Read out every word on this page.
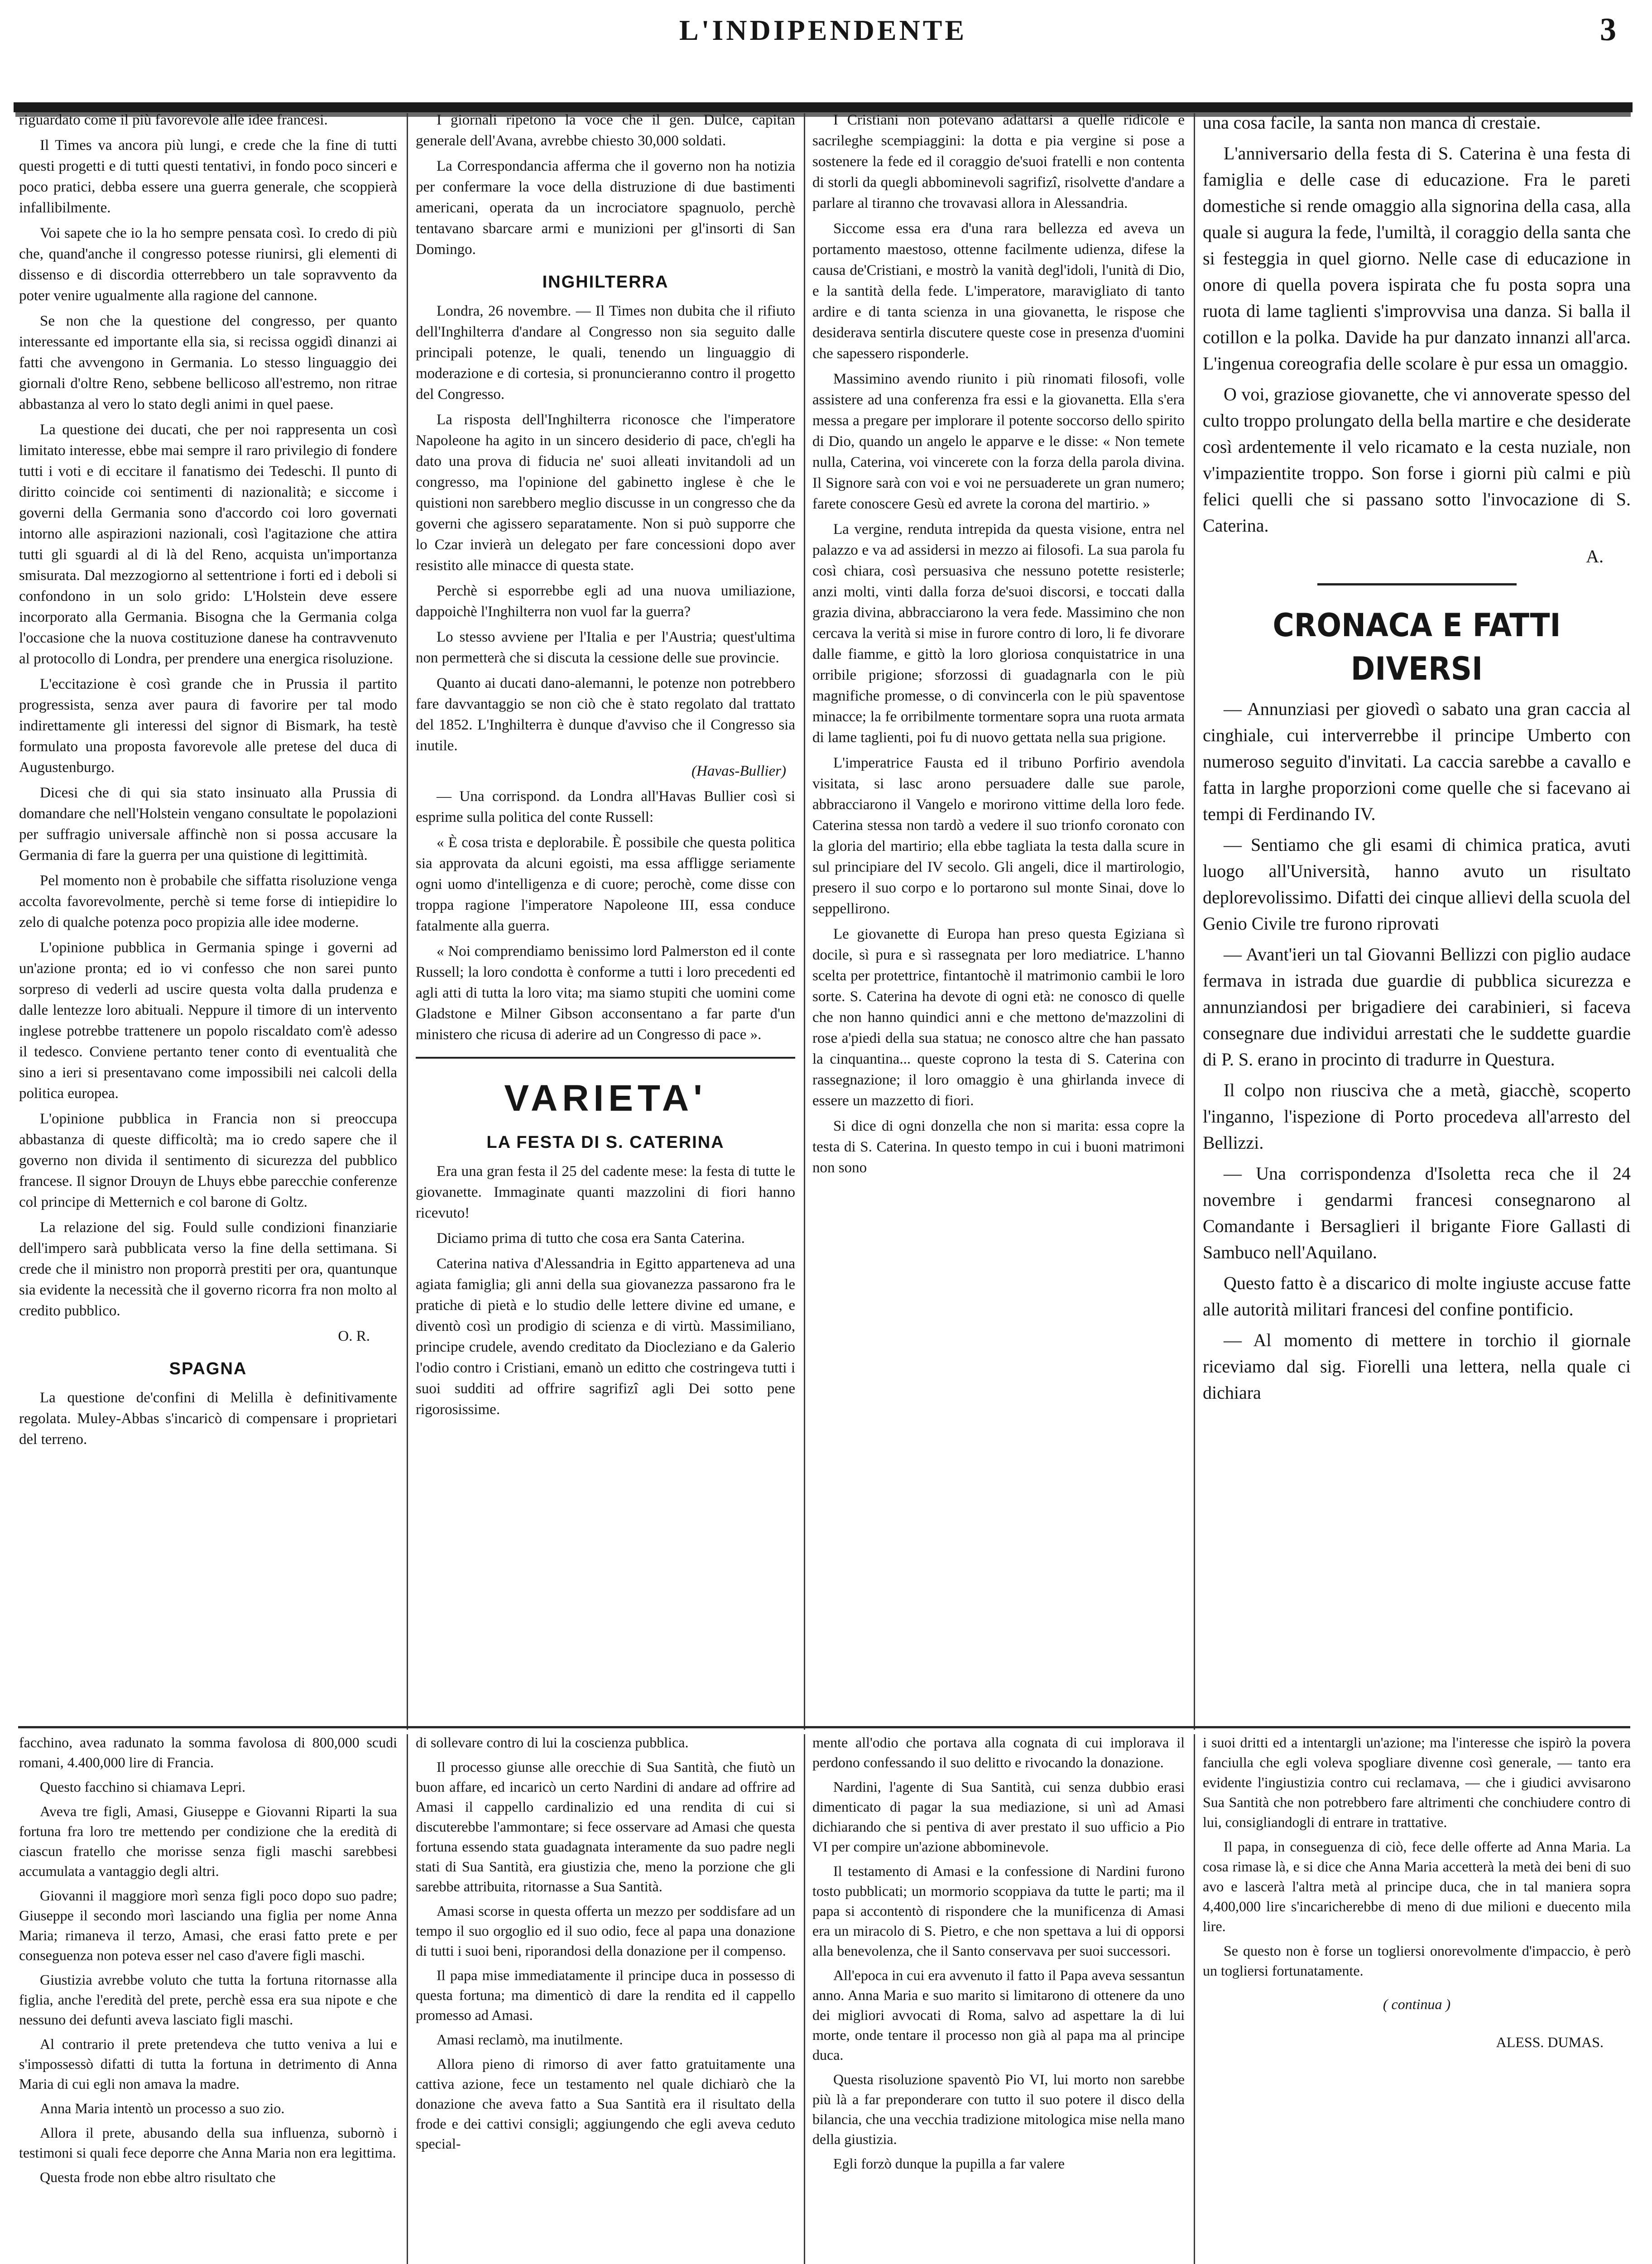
L'INDIPENDENTE	3

riguardato come il più favorevole alle idee francesi.

Il Times va ancora più lungi, e crede che la fine di tutti questi progetti e di tutti questi tentativi, in fondo poco sinceri e poco pratici, debba essere una guerra generale, che scoppierà infallibilmente.

Voi sapete che io la ho sempre pensata così. Io credo di più che, quand'anche il congresso potesse riunirsi, gli elementi di dissenso e di discordia otterrebbero un tale sopravvento da poter venire ugualmente alla ragione del cannone.

Se non che la questione del congresso, per quanto interessante ed importante ella sia, si recissa oggidì dinanzi ai fatti che avvengono in Germania. Lo stesso linguaggio dei giornali d'oltre Reno, sebbene bellicoso all'estremo, non ritrae abbastanza al vero lo stato degli animi in quel paese.

La questione dei ducati, che per noi rappresenta un così limitato interesse, ebbe mai sempre il raro privilegio di fondere tutti i voti e di eccitare il fanatismo dei Tedeschi. Il punto di diritto coincide coi sentimenti di nazionalità; e siccome i governi della Germania sono d'accordo coi loro governati intorno alle aspirazioni nazionali, così l'agitazione che attira tutti gli sguardi al di là del Reno, acquista un'importanza smisurata. Dal mezzogiorno al settentrione i forti ed i deboli si confondono in un solo grido: L'Holstein deve essere incorporato alla Germania. Bisogna che la Germania colga l'occasione che la nuova costituzione danese ha contravvenuto al protocollo di Londra, per prendere una energica risoluzione.

L'eccitazione è così grande che in Prussia il partito progressista, senza aver paura di favorire per tal modo indirettamente gli interessi del signor di Bismark, ha testè formulato una proposta favorevole alle pretese del duca di Augustenburgo.

Dicesi che di qui sia stato insinuato alla Prussia di domandare che nell'Holstein vengano consultate le popolazioni per suffragio universale affinchè non si possa accusare la Germania di fare la guerra per una quistione di legittimità.

Pel momento non è probabile che siffatta risoluzione venga accolta favorevolmente, perchè si teme forse di intiepidire lo zelo di qualche potenza poco propizia alle idee moderne.

L'opinione pubblica in Germania spinge i governi ad un'azione pronta; ed io vi confesso che non sarei punto sorpreso di vederli ad uscire questa volta dalla prudenza e dalle lentezze loro abituali. Neppure il timore di un intervento inglese potrebbe trattenere un popolo riscaldato com'è adesso il tedesco. Conviene pertanto tener conto di eventualità che sino a ieri si presentavano come impossibili nei calcoli della politica europea.

L'opinione pubblica in Francia non si preoccupa abbastanza di queste difficoltà; ma io credo sapere che il governo non divida il sentimento di sicurezza del pubblico francese. Il signor Drouyn de Lhuys ebbe parecchie conferenze col principe di Metternich e col barone di Goltz.

La relazione del sig. Fould sulle condizioni finanziarie dell'impero sarà pubblicata verso la fine della settimana. Si crede che il ministro non proporrà prestiti per ora, quantunque sia evidente la necessità che il governo ricorra fra non molto al credito pubblico.

O. R.

SPAGNA

La questione de'confini di Melilla è definitivamente regolata. Muley-Abbas s'incaricò di compensare i proprietari del terreno.

I giornali ripetono la voce che il gen. Dulce, capitan generale dell'Avana, avrebbe chiesto 30,000 soldati.

La Correspondancia afferma che il governo non ha notizia per confermare la voce della distruzione di due bastimenti americani, operata da un incrociatore spagnuolo, perchè tentavano sbarcare armi e munizioni per gl'insorti di San Domingo.

INGHILTERRA

Londra, 26 novembre. — Il Times non dubita che il rifiuto dell'Inghilterra d'andare al Congresso non sia seguito dalle principali potenze, le quali, tenendo un linguaggio di moderazione e di cortesia, si pronuncieranno contro il progetto del Congresso.

La risposta dell'Inghilterra riconosce che l'imperatore Napoleone ha agito in un sincero desiderio di pace, ch'egli ha dato una prova di fiducia ne' suoi alleati invitandoli ad un congresso, ma l'opinione del gabinetto inglese è che le quistioni non sarebbero meglio discusse in un congresso che da governi che agissero separatamente. Non si può supporre che lo Czar invierà un delegato per fare concessioni dopo aver resistito alle minacce di questa state.

Perchè si esporrebbe egli ad una nuova umiliazione, dappoichè l'Inghilterra non vuol far la guerra?

Lo stesso avviene per l'Italia e per l'Austria; quest'ultima non permetterà che si discuta la cessione delle sue provincie.

Quanto ai ducati dano-alemanni, le potenze non potrebbero fare davvantaggio se non ciò che è stato regolato dal trattato del 1852. L'Inghilterra è dunque d'avviso che il Congresso sia inutile.

(Havas-Bullier)

— Una corrispond. da Londra all'Havas Bullier così si esprime sulla politica del conte Russell:

« È cosa trista e deplorabile. È possibile che questa politica sia approvata da alcuni egoisti, ma essa affligge seriamente ogni uomo d'intelligenza e di cuore; perochè, come disse con troppa ragione l'imperatore Napoleone III, essa conduce fatalmente alla guerra.

« Noi comprendiamo benissimo lord Palmerston ed il conte Russell; la loro condotta è conforme a tutti i loro precedenti ed agli atti di tutta la loro vita; ma siamo stupiti che uomini come Gladstone e Milner Gibson acconsentano a far parte d'un ministero che ricusa di aderire ad un Congresso di pace ».

VARIETA'

LA FESTA DI S. CATERINA

Era una gran festa il 25 del cadente mese: la festa di tutte le giovanette. Immaginate quanti mazzolini di fiori hanno ricevuto!

Diciamo prima di tutto che cosa era Santa Caterina.

Caterina nativa d'Alessandria in Egitto apparteneva ad una agiata famiglia; gli anni della sua giovanezza passarono fra le pratiche di pietà e lo studio delle lettere divine ed umane, e diventò così un prodigio di scienza e di virtù. Massimiliano, principe crudele, avendo creditato da Diocleziano e da Galerio l'odio contro i Cristiani, emanò un editto che costringeva tutti i suoi sudditi ad offrire sagrifizî agli Dei sotto pene rigorosissime.

I Cristiani non potevano adattarsi a quelle ridicole e sacrileghe scempiaggini: la dotta e pia vergine si pose a sostenere la fede ed il coraggio de'suoi fratelli e non contenta di storli da quegli abbominevoli sagrifizî, risolvette d'andare a parlare al tiranno che trovavasi allora in Alessandria.

Siccome essa era d'una rara bellezza ed aveva un portamento maestoso, ottenne facilmente udienza, difese la causa de'Cristiani, e mostrò la vanità degl'idoli, l'unità di Dio, e la santità della fede. L'imperatore, maravigliato di tanto ardire e di tanta scienza in una giovanetta, le rispose che desiderava sentirla discutere queste cose in presenza d'uomini che sapessero risponderle.

Massimino avendo riunito i più rinomati filosofi, volle assistere ad una conferenza fra essi e la giovanetta. Ella s'era messa a pregare per implorare il potente soccorso dello spirito di Dio, quando un angelo le apparve e le disse: « Non temete nulla, Caterina, voi vincerete con la forza della parola divina. Il Signore sarà con voi e voi ne persuaderete un gran numero; farete conoscere Gesù ed avrete la corona del martirio. »

La vergine, renduta intrepida da questa visione, entra nel palazzo e va ad assidersi in mezzo ai filosofi. La sua parola fu così chiara, così persuasiva che nessuno potette resisterle; anzi molti, vinti dalla forza de'suoi discorsi, e toccati dalla grazia divina, abbracciarono la vera fede. Massimino che non cercava la verità si mise in furore contro di loro, li fe divorare dalle fiamme, e gittò la loro gloriosa conquistatrice in una orribile prigione; sforzossi di guadagnarla con le più magnifiche promesse, o di convincerla con le più spaventose minacce; la fe orribilmente tormentare sopra una ruota armata di lame taglienti, poi fu di nuovo gettata nella sua prigione.

L'imperatrice Fausta ed il tribuno Porfirio avendola visitata, si lasc arono persuadere dalle sue parole, abbracciarono il Vangelo e morirono vittime della loro fede. Caterina stessa non tardò a vedere il suo trionfo coronato con la gloria del martirio; ella ebbe tagliata la testa dalla scure in sul principiare del IV secolo. Gli angeli, dice il martirologio, presero il suo corpo e lo portarono sul monte Sinai, dove lo seppellirono.

Le giovanette di Europa han preso questa Egiziana sì docile, sì pura e sì rassegnata per loro mediatrice. L'hanno scelta per protettrice, fintantochè il matrimonio cambii le loro sorte. S. Caterina ha devote di ogni età: ne conosco di quelle che non hanno quindici anni e che mettono de'mazzolini di rose a'piedi della sua statua; ne conosco altre che han passato la cinquantina... queste coprono la testa di S. Caterina con rassegnazione; il loro omaggio è una ghirlanda invece di essere un mazzetto di fiori.

Si dice di ogni donzella che non si marita: essa copre la testa di S. Caterina. In questo tempo in cui i buoni matrimoni non sono

una cosa facile, la santa non manca di crestaie.

L'anniversario della festa di S. Caterina è una festa di famiglia e delle case di educazione. Fra le pareti domestiche si rende omaggio alla signorina della casa, alla quale si augura la fede, l'umiltà, il coraggio della santa che si festeggia in quel giorno. Nelle case di educazione in onore di quella povera ispirata che fu posta sopra una ruota di lame taglienti s'improvvisa una danza. Si balla il cotillon e la polka. Davide ha pur danzato innanzi all'arca. L'ingenua coreografia delle scolare è pur essa un omaggio.

O voi, graziose giovanette, che vi annoverate spesso del culto troppo prolungato della bella martire e che desiderate così ardentemente il velo ricamato e la cesta nuziale, non v'impazientite troppo. Son forse i giorni più calmi e più felici quelli che si passano sotto l'invocazione di S. Caterina.

A.

CRONACA E FATTI DIVERSI

— Annunziasi per giovedì o sabato una gran caccia al cinghiale, cui interverrebbe il principe Umberto con numeroso seguito d'invitati. La caccia sarebbe a cavallo e fatta in larghe proporzioni come quelle che si facevano ai tempi di Ferdinando IV.

— Sentiamo che gli esami di chimica pratica, avuti luogo all'Università, hanno avuto un risultato deplorevolissimo. Difatti dei cinque allievi della scuola del Genio Civile tre furono riprovati

— Avant'ieri un tal Giovanni Bellizzi con piglio audace fermava in istrada due guardie di pubblica sicurezza e annunziandosi per brigadiere dei carabinieri, si faceva consegnare due individui arrestati che le suddette guardie di P. S. erano in procinto di tradurre in Questura.

Il colpo non riusciva che a metà, giacchè, scoperto l'inganno, l'ispezione di Porto procedeva all'arresto del Bellizzi.

— Una corrispondenza d'Isoletta reca che il 24 novembre i gendarmi francesi consegnarono al Comandante i Bersaglieri il brigante Fiore Gallasti di Sambuco nell'Aquilano.

Questo fatto è a discarico di molte ingiuste accuse fatte alle autorità militari francesi del confine pontificio.

— Al momento di mettere in torchio il giornale riceviamo dal sig. Fiorelli una lettera, nella quale ci dichiara

facchino, avea radunato la somma favolosa di 800,000 scudi romani, 4.400,000 lire di Francia.

Questo facchino si chiamava Lepri.

Aveva tre figli, Amasi, Giuseppe e Giovanni Riparti la sua fortuna fra loro tre mettendo per condizione che la eredità di ciascun fratello che morisse senza figli maschi sarebbesi accumulata a vantaggio degli altri.

Giovanni il maggiore morì senza figli poco dopo suo padre; Giuseppe il secondo morì lasciando una figlia per nome Anna Maria; rimaneva il terzo, Amasi, che erasi fatto prete e per conseguenza non poteva esser nel caso d'avere figli maschi.

Giustizia avrebbe voluto che tutta la fortuna ritornasse alla figlia, anche l'eredità del prete, perchè essa era sua nipote e che nessuno dei defunti aveva lasciato figli maschi.

Al contrario il prete pretendeva che tutto veniva a lui e s'impossessò difatti di tutta la fortuna in detrimento di Anna Maria di cui egli non amava la madre.

Anna Maria intentò un processo a suo zio.

Allora il prete, abusando della sua influenza, subornò i testimoni si quali fece deporre che Anna Maria non era legittima.

Questa frode non ebbe altro risultato che

di sollevare contro di lui la coscienza pubblica.

Il processo giunse alle orecchie di Sua Santità, che fiutò un buon affare, ed incaricò un certo Nardini di andare ad offrire ad Amasi il cappello cardinalizio ed una rendita di cui si discuterebbe l'ammontare; si fece osservare ad Amasi che questa fortuna essendo stata guadagnata interamente da suo padre negli stati di Sua Santità, era giustizia che, meno la porzione che gli sarebbe attribuita, ritornasse a Sua Santità.

Amasi scorse in questa offerta un mezzo per soddisfare ad un tempo il suo orgoglio ed il suo odio, fece al papa una donazione di tutti i suoi beni, riporandosi della donazione per il compenso.

Il papa mise immediatamente il principe duca in possesso di questa fortuna; ma dimenticò di dare la rendita ed il cappello promesso ad Amasi.

Amasi reclamò, ma inutilmente.

Allora pieno di rimorso di aver fatto gratuitamente una cattiva azione, fece un testamento nel quale dichiarò che la donazione che aveva fatto a Sua Santità era il risultato della frode e dei cattivi consigli; aggiungendo che egli aveva ceduto special-

mente all'odio che portava alla cognata di cui implorava il perdono confessando il suo delitto e rivocando la donazione.

Nardini, l'agente di Sua Santità, cui senza dubbio erasi dimenticato di pagar la sua mediazione, si unì ad Amasi dichiarando che si pentiva di aver prestato il suo ufficio a Pio VI per compire un'azione abbominevole.

Il testamento di Amasi e la confessione di Nardini furono tosto pubblicati; un mormorio scoppiava da tutte le parti; ma il papa si accontentò di rispondere che la munificenza di Amasi era un miracolo di S. Pietro, e che non spettava a lui di opporsi alla benevolenza, che il Santo conservava per suoi successori.

All'epoca in cui era avvenuto il fatto il Papa aveva sessantun anno. Anna Maria e suo marito si limitarono di ottenere da uno dei migliori avvocati di Roma, salvo ad aspettare la di lui morte, onde tentare il processo non già al papa ma al principe duca.

Questa risoluzione spaventò Pio VI, lui morto non sarebbe più là a far preponderare con tutto il suo potere il disco della bilancia, che una vecchia tradizione mitologica mise nella mano della giustizia.

Egli forzò dunque la pupilla a far valere

i suoi dritti ed a intentargli un'azione; ma l'interesse che ispirò la povera fanciulla che egli voleva spogliare divenne così generale, — tanto era evidente l'ingiustizia contro cui reclamava, — che i giudici avvisarono Sua Santità che non potrebbero fare altrimenti che conchiudere contro di lui, consigliandogli di entrare in trattative.

Il papa, in conseguenza di ciò, fece delle offerte ad Anna Maria. La cosa rimase là, e si dice che Anna Maria accetterà la metà dei beni di suo avo e lascerà l'altra metà al principe duca, che in tal maniera sopra 4,400,000 lire s'incaricherebbe di meno di due milioni e duecento mila lire.

Se questo non è forse un togliersi onorevolmente d'impaccio, è però un togliersi fortunatamente.

( continua )

ALESS. DUMAS.
